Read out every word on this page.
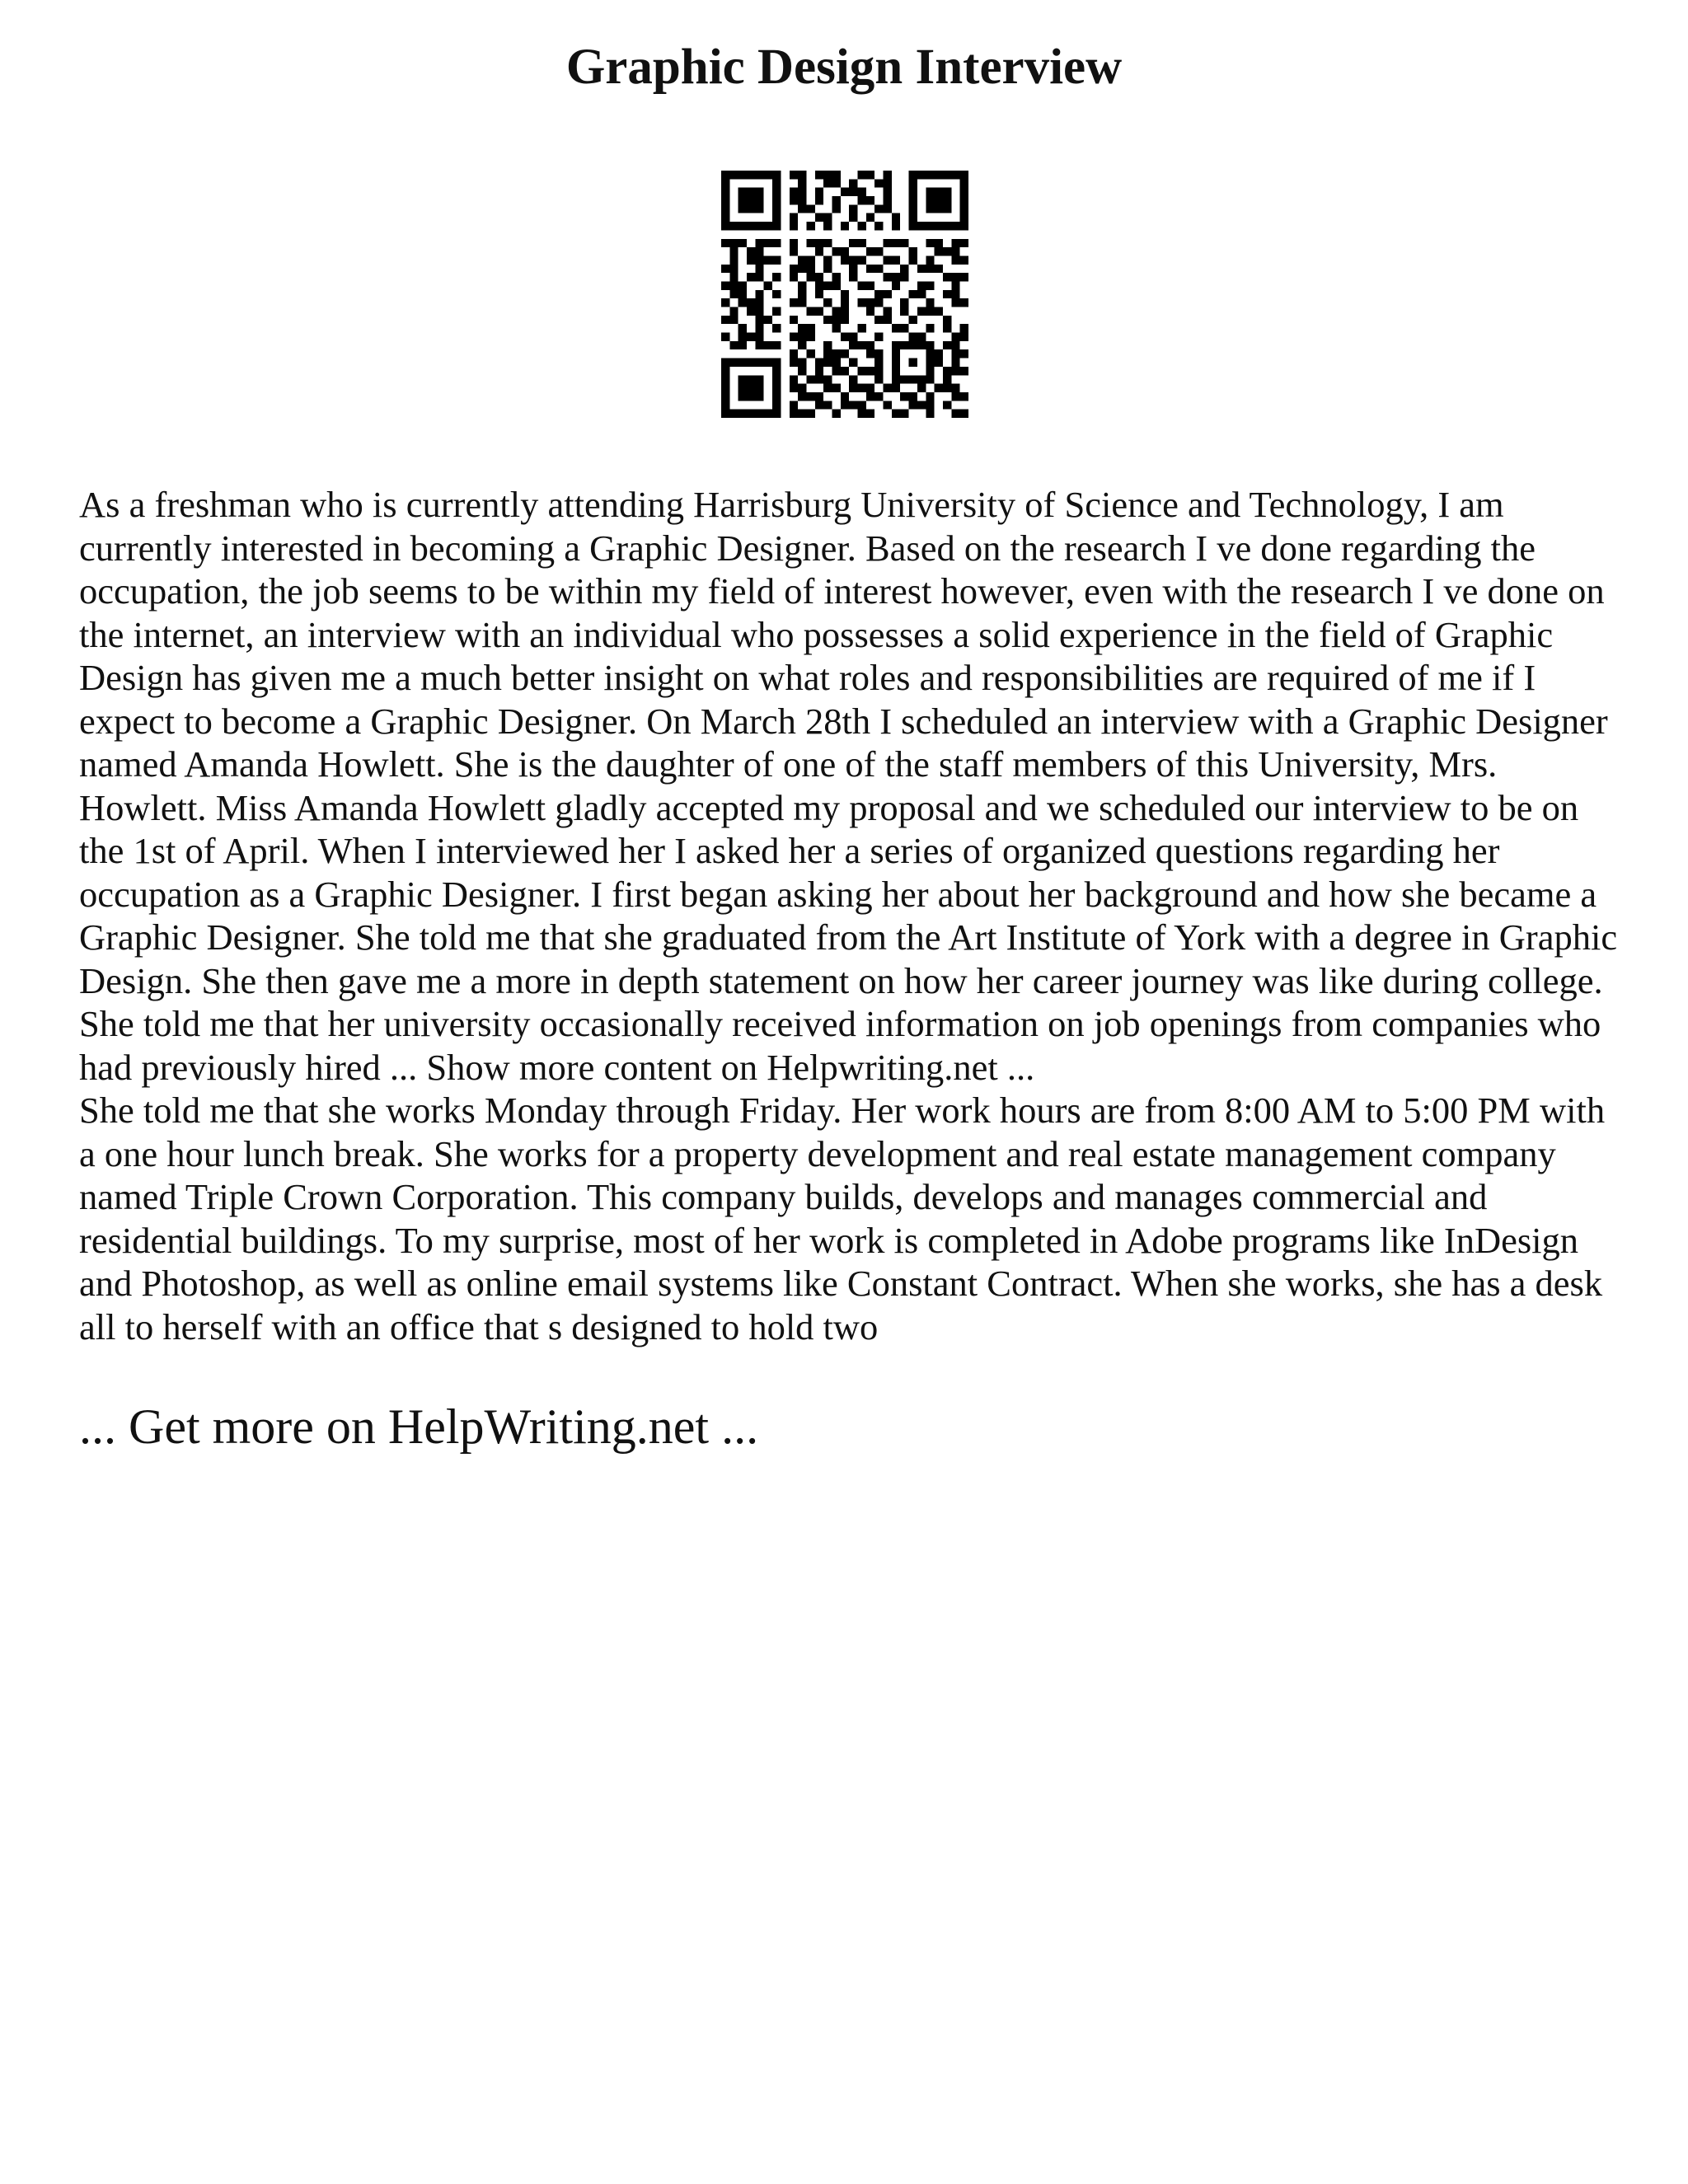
Graphic Design Interview

As a freshman who is currently attending Harrisburg University of Science and Technology, I am currently interested in becoming a Graphic Designer. Based on the research I ve done regarding the occupation, the job seems to be within my field of interest however, even with the research I ve done on the internet, an interview with an individual who possesses a solid experience in the field of Graphic Design has given me a much better insight on what roles and responsibilities are required of me if I expect to become a Graphic Designer. On March 28th I scheduled an interview with a Graphic Designer named Amanda Howlett. She is the daughter of one of the staff members of this University, Mrs. Howlett. Miss Amanda Howlett gladly accepted my proposal and we scheduled our interview to be on the 1st of April. When I interviewed her I asked her a series of organized questions regarding her occupation as a Graphic Designer. I first began asking her about her background and how she became a Graphic Designer. She told me that she graduated from the Art Institute of York with a degree in Graphic Design. She then gave me a more in depth statement on how her career journey was like during college. She told me that her university occasionally received information on job openings from companies who had previously hired ... Show more content on Helpwriting.net ...

She told me that she works Monday through Friday. Her work hours are from 8:00 AM to 5:00 PM with a one hour lunch break. She works for a property development and real estate management company named Triple Crown Corporation. This company builds, develops and manages commercial and residential buildings. To my surprise, most of her work is completed in Adobe programs like InDesign and Photoshop, as well as online email systems like Constant Contract. When she works, she has a desk all to herself with an office that s designed to hold two

... Get more on HelpWriting.net ...
